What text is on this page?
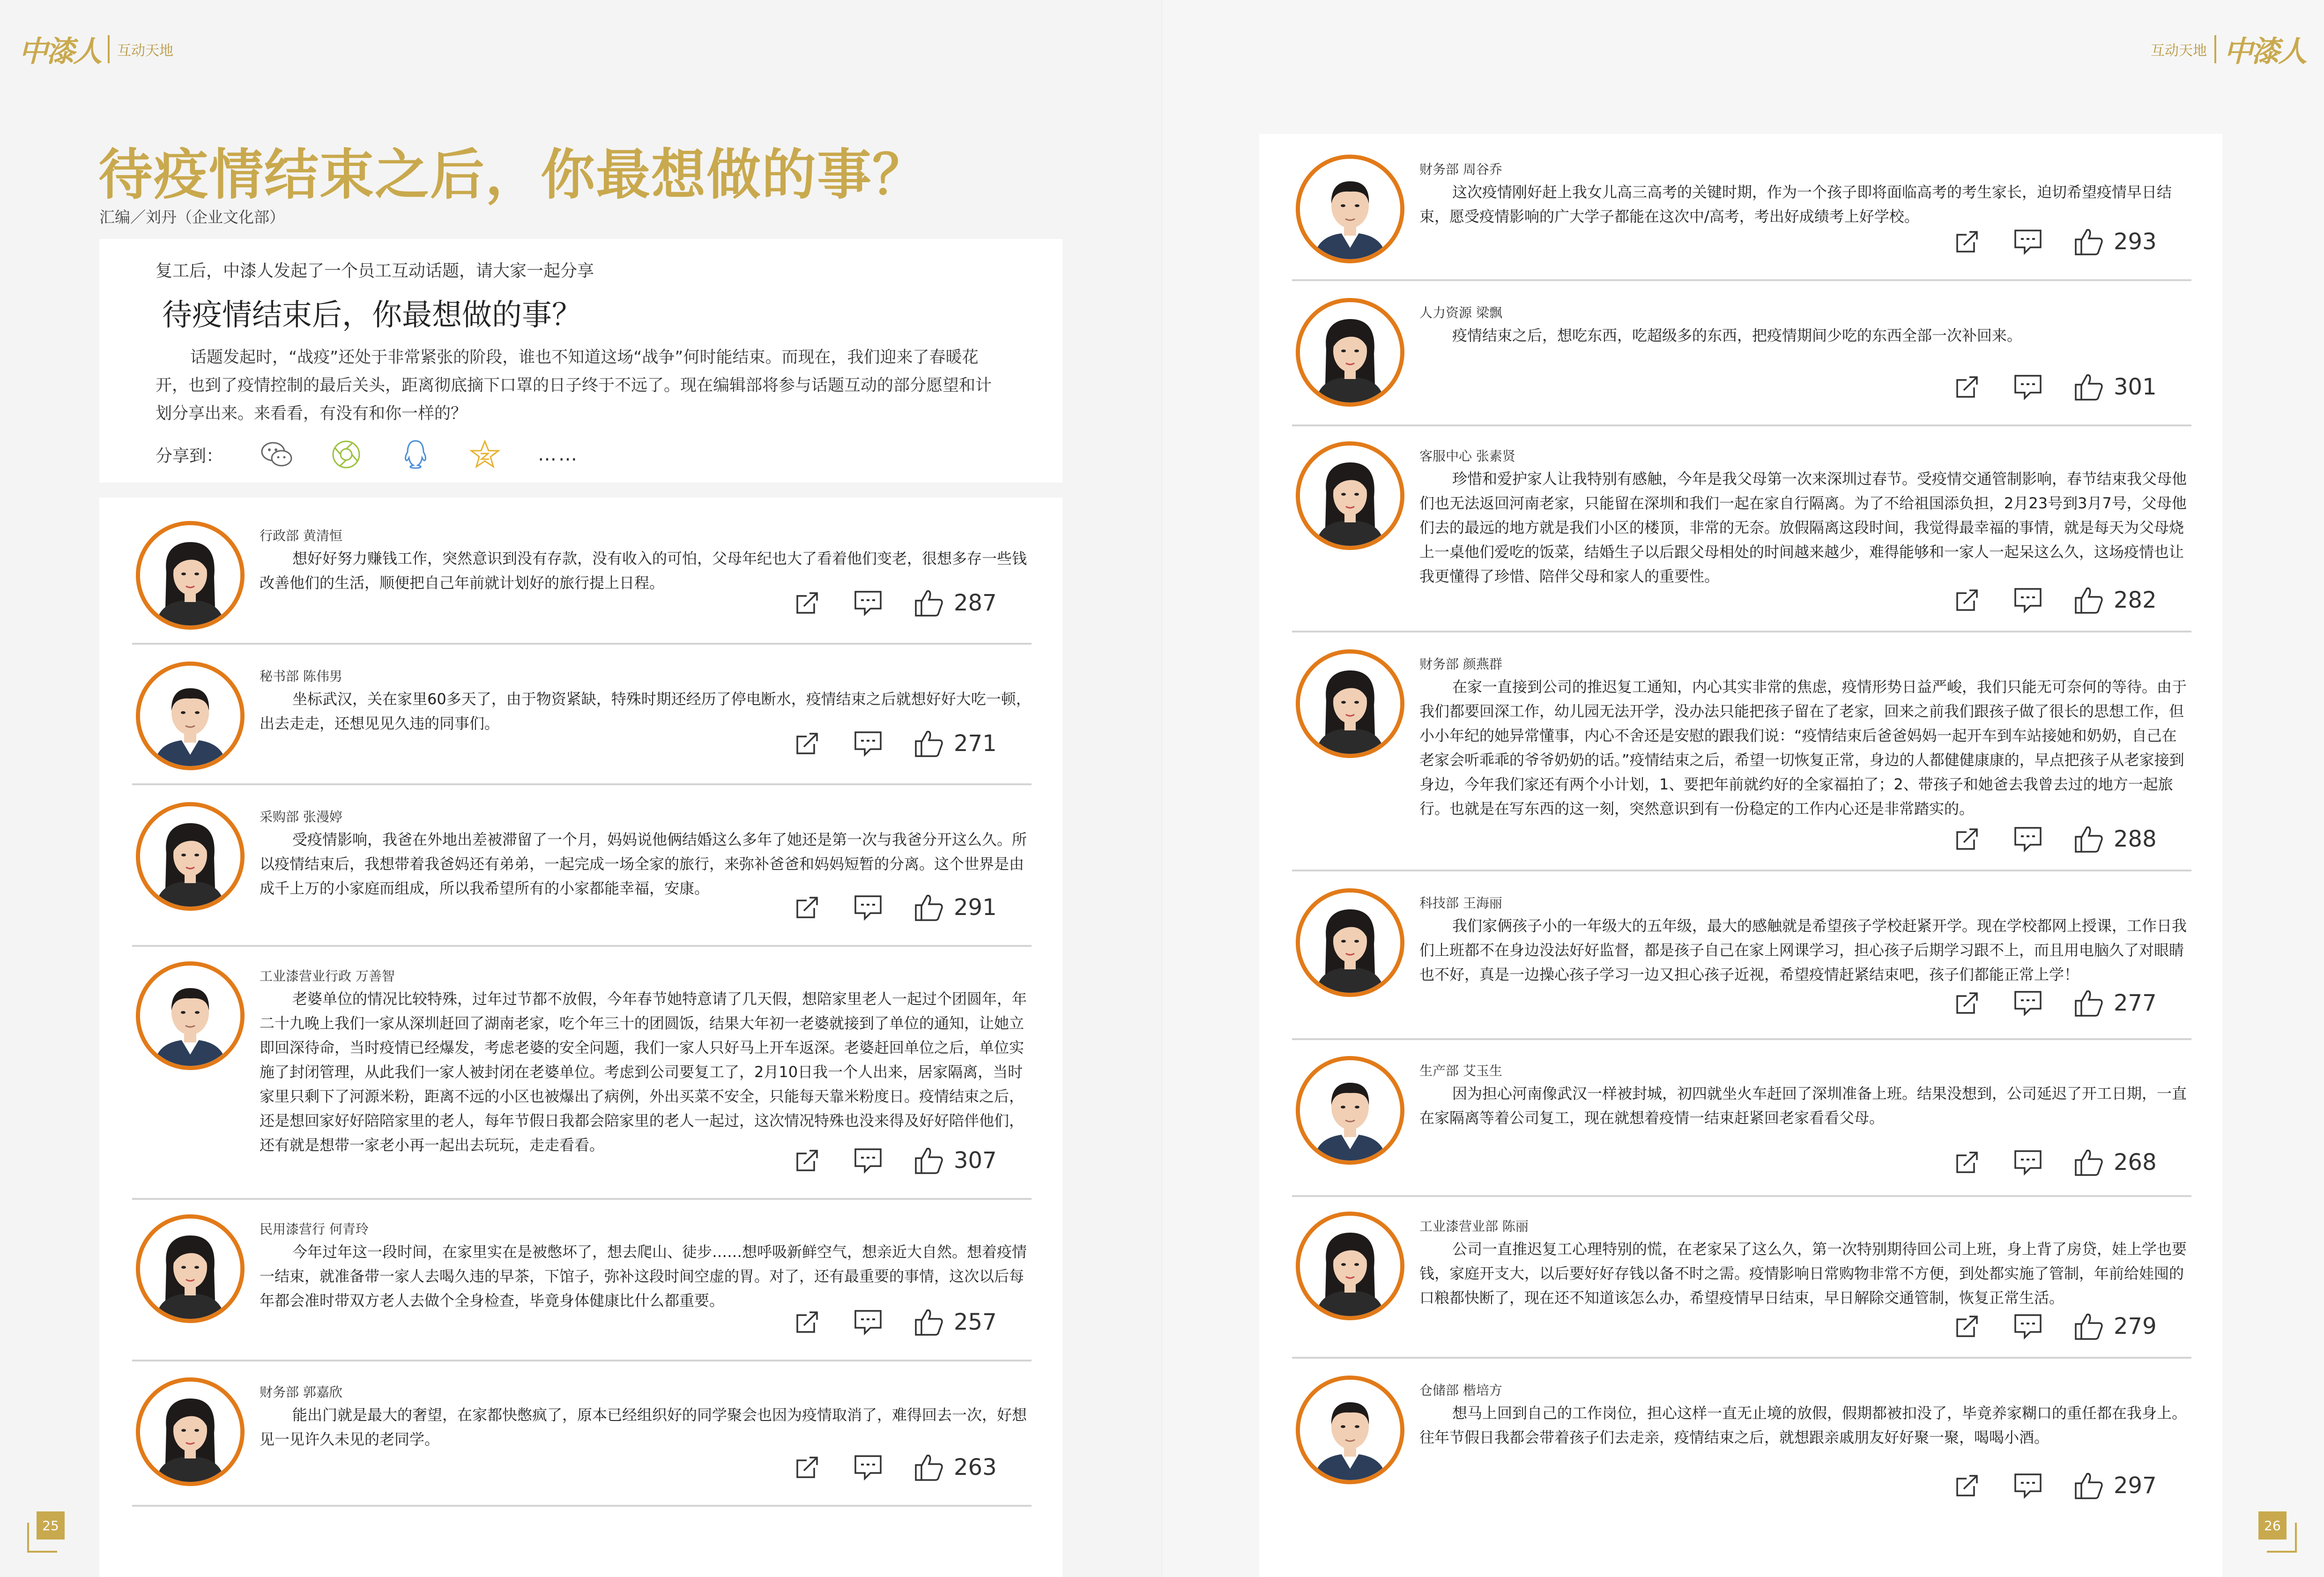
中漆人 互动天地
待疫情结束之后，你最想做的事？
汇编／刘丹（企业文化部）
复工后，中漆人发起了一个员工互动话题，请大家一起分享
待疫情结束后，你最想做的事？
话题发起时，“战疫”还处于非常紧张的阶段，谁也不知道这场“战争”何时能结束。而现在，我们迎来了春暖花开，也到了疫情控制的最后关头，距离彻底摘下口罩的日子终于不远了。现在编辑部将参与话题互动的部分愿望和计划分享出来。来看看，有没有和你一样的？
分享到：	……
行政部 黄清恒
想好好努力赚钱工作，突然意识到没有存款，没有收入的可怕，父母年纪也大了看着他们变老，很想多存一些钱改善他们的生活，顺便把自己年前就计划好的旅行提上日程。
287
秘书部 陈伟男
坐标武汉，关在家里60多天了，由于物资紧缺，特殊时期还经历了停电断水，疫情结束之后就想好好大吃一顿，出去走走，还想见见久违的同事们。
271
采购部 张漫婷
受疫情影响，我爸在外地出差被滞留了一个月，妈妈说他俩结婚这么多年了她还是第一次与我爸分开这么久。所以疫情结束后，我想带着我爸妈还有弟弟，一起完成一场全家的旅行，来弥补爸爸和妈妈短暂的分离。这个世界是由成千上万的小家庭而组成，所以我希望所有的小家都能幸福，安康。
291
工业漆营业行政 万善智
老婆单位的情况比较特殊，过年过节都不放假，今年春节她特意请了几天假，想陪家里老人一起过个团圆年，年二十九晚上我们一家从深圳赶回了湖南老家，吃个年三十的团圆饭，结果大年初一老婆就接到了单位的通知，让她立即回深待命，当时疫情已经爆发，考虑老婆的安全问题，我们一家人只好马上开车返深。老婆赶回单位之后，单位实施了封闭管理，从此我们一家人被封闭在老婆单位。考虑到公司要复工了，2月10日我一个人出来，居家隔离，当时家里只剩下了河源米粉，距离不远的小区也被爆出了病例，外出买菜不安全，只能每天靠米粉度日。疫情结束之后，还是想回家好好陪陪家里的老人，每年节假日我都会陪家里的老人一起过，这次情况特殊也没来得及好好陪伴他们，还有就是想带一家老小再一起出去玩玩，走走看看。
307
民用漆营行 何青玲
今年过年这一段时间，在家里实在是被憋坏了，想去爬山、徒步……想呼吸新鲜空气，想亲近大自然。想着疫情一结束，就准备带一家人去喝久违的早茶，下馆子，弥补这段时间空虚的胃。对了，还有最重要的事情，这次以后每年都会准时带双方老人去做个全身检查，毕竟身体健康比什么都重要。
257
财务部 郭嘉欣
能出门就是最大的奢望，在家都快憋疯了，原本已经组织好的同学聚会也因为疫情取消了，难得回去一次，好想见一见许久未见的老同学。
263
25
中漆人
互动天地
26
财务部 周谷乔
这次疫情刚好赶上我女儿高三高考的关键时期，作为一个孩子即将面临高考的考生家长，迫切希望疫情早日结束，愿受疫情影响的广大学子都能在这次中/高考，考出好成绩考上好学校。
293
人力资源 梁飘
疫情结束之后，想吃东西，吃超级多的东西，把疫情期间少吃的东西全部一次补回来。
301
客服中心 张素贤
珍惜和爱护家人让我特别有感触，今年是我父母第一次来深圳过春节。受疫情交通管制影响，春节结束我父母他们也无法返回河南老家，只能留在深圳和我们一起在家自行隔离。为了不给祖国添负担，2月23号到3月7号，父母他们去的最远的地方就是我们小区的楼顶，非常的无奈。放假隔离这段时间，我觉得最幸福的事情，就是每天为父母烧上一桌他们爱吃的饭菜，结婚生子以后跟父母相处的时间越来越少，难得能够和一家人一起呆这么久，这场疫情也让我更懂得了珍惜、陪伴父母和家人的重要性。
282
财务部 颜燕群
在家一直接到公司的推迟复工通知，内心其实非常的焦虑，疫情形势日益严峻，我们只能无可奈何的等待。由于我们都要回深工作，幼儿园无法开学，没办法只能把孩子留在了老家，回来之前我们跟孩子做了很长的思想工作，但小小年纪的她异常懂事，内心不舍还是安慰的跟我们说：“疫情结束后爸爸妈妈一起开车到车站接她和奶奶，自己在老家会听乖乖的爷爷奶奶的话。”疫情结束之后，希望一切恢复正常，身边的人都健健康康的，早点把孩子从老家接到身边，今年我们家还有两个小计划，1、要把年前就约好的全家福拍了；2、带孩子和她爸去我曾去过的地方一起旅行。也就是在写东西的这一刻，突然意识到有一份稳定的工作内心还是非常踏实的。
288
科技部 王海丽
我们家俩孩子小的一年级大的五年级，最大的感触就是希望孩子学校赶紧开学。现在学校都网上授课，工作日我们上班都不在身边没法好好监督，都是孩子自己在家上网课学习，担心孩子后期学习跟不上，而且用电脑久了对眼睛也不好，真是一边操心孩子学习一边又担心孩子近视，希望疫情赶紧结束吧，孩子们都能正常上学！
277
生产部 艾玉生
因为担心河南像武汉一样被封城，初四就坐火车赶回了深圳准备上班。结果没想到，公司延迟了开工日期，一直在家隔离等着公司复工，现在就想着疫情一结束赶紧回老家看看父母。
268
工业漆营业部 陈丽
公司一直推迟复工心理特别的慌，在老家呆了这么久，第一次特别期待回公司上班，身上背了房贷，娃上学也要钱，家庭开支大，以后要好好存钱以备不时之需。疫情影响日常购物非常不方便，到处都实施了管制，年前给娃囤的口粮都快断了，现在还不知道该怎么办，希望疫情早日结束，早日解除交通管制，恢复正常生活。
279
仓储部 楷培方
想马上回到自己的工作岗位，担心这样一直无止境的放假，假期都被扣没了，毕竟养家糊口的重任都在我身上。往年节假日我都会带着孩子们去走亲，疫情结束之后，就想跟亲戚朋友好好聚一聚，喝喝小酒。
297
